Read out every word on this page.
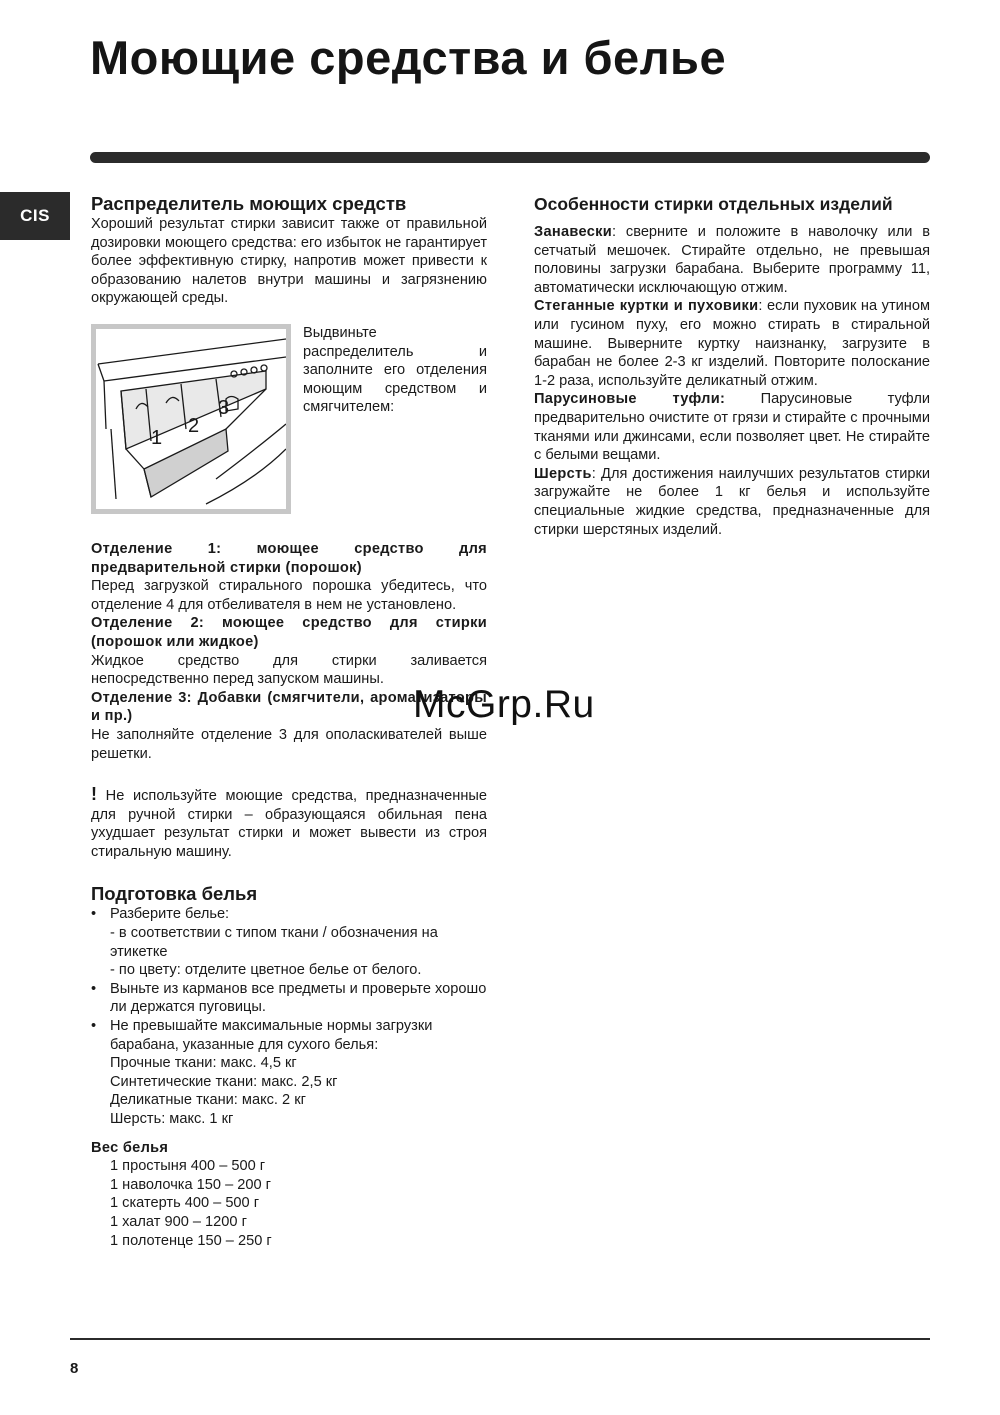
Моющие средства и белье
CIS
Распределитель моющих средств

Хороший результат стирки зависит также от правильной дозировки моющего средства: его избыток не гарантирует более эффективную стирку, напротив может привести к образованию налетов внутри машины и загрязнению окружающей среды.

1
2
3

Выдвиньте распределитель и заполните его отделения моющим средством и смягчителем:

Отделение 1: моющее средство для предварительной стирки (порошок)

Перед загрузкой стирального порошка убедитесь, что отделение 4 для отбеливателя в нем не установлено.

Отделение 2: моющее средство для стирки (порошок или жидкое)

Жидкое средство для стирки заливается непосредственно перед запуском машины.

Отделение 3: Добавки (смягчители, ароматизаторы и пр.)

Не заполняйте отделение 3 для ополаскивателей выше решетки.

! Не используйте моющие средства, предназначенные для ручной стирки – образующаяся обильная пена ухудшает результат стирки и может вывести из строя стиральную машину.

Подготовка белья
• Разберите белье:
- в соответствии с типом ткани / обозначения на этикетке
- по цвету: отделите цветное белье от белого.
• Выньте из карманов все предметы и проверьте хорошо ли держатся пуговицы.
• Не превышайте максимальные нормы загрузки барабана, указанные для сухого белья:
Прочные ткани: макс. 4,5 кг
Синтетические ткани: макс. 2,5 кг
Деликатные ткани: макс. 2 кг
Шерсть: макс. 1 кг

Вес белья

1 простыня 400 – 500 г
1 наволочка 150 – 200 г
1 скатерть 400 – 500 г
1 халат 900 – 1200 г
1 полотенце 150 – 250 г
Особенности стирки отдельных изделий

Занавески: сверните и положите в наволочку или в сетчатый мешочек. Стирайте отдельно, не превышая половины загрузки барабана. Выберите программу 11, автоматически исключающую отжим.

Стеганные куртки и пуховики: если пуховик на утином или гусином пуху, его можно стирать в стиральной машине. Выверните куртку наизнанку, загрузите в барабан не более 2-3 кг изделий. Повторите полоскание 1-2 раза, используйте деликатный отжим.

Парусиновые туфли: Парусиновые туфли предварительно очистите от грязи и стирайте с прочными тканями или джинсами, если позволяет цвет. Не стирайте с белыми вещами.

Шерсть: Для достижения наилучших результатов стирки загружайте не более 1 кг белья и используйте специальные жидкие средства, предназначенные для стирки шерстяных изделий.

McGrp.Ru
8
